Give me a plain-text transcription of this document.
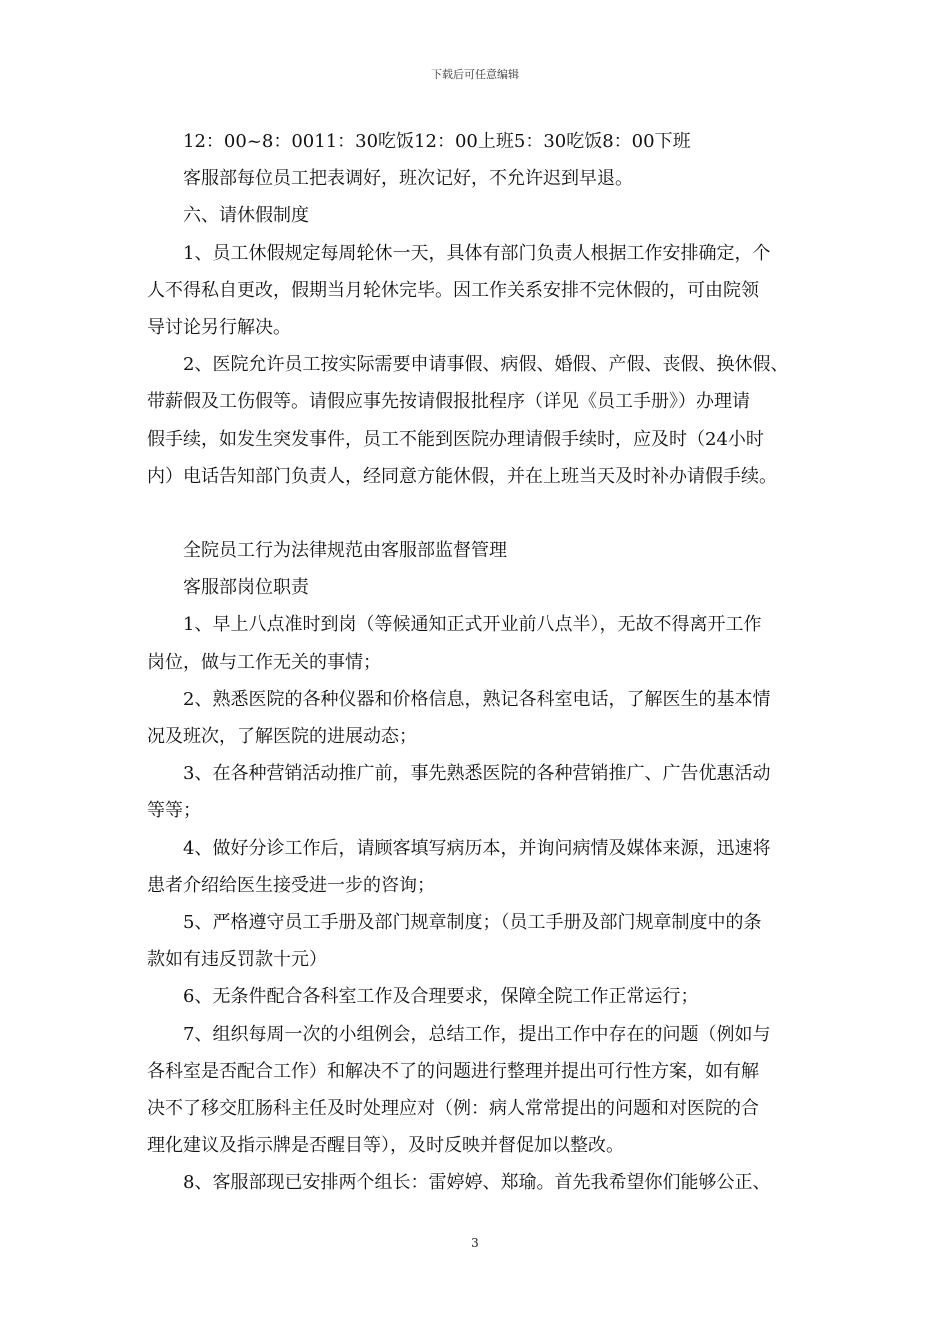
下载后可任意编辑
12：00~8：0011：30吃饭12：00上班5：30吃饭8：00下班
客服部每位员工把表调好，班次记好，不允许迟到早退。
六、请休假制度
1、员工休假规定每周轮休一天，具体有部门负责人根据工作安排确定，个
人不得私自更改，假期当月轮休完毕。因工作关系安排不完休假的，可由院领
导讨论另行解决。
2、医院允许员工按实际需要申请事假、病假、婚假、产假、丧假、换休假、
带薪假及工伤假等。请假应事先按请假报批程序（详见《员工手册》）办理请
假手续，如发生突发事件，员工不能到医院办理请假手续时，应及时（24小时
内）电话告知部门负责人，经同意方能休假，并在上班当天及时补办请假手续。
全院员工行为法律规范由客服部监督管理
客服部岗位职责
1、早上八点准时到岗（等候通知正式开业前八点半），无故不得离开工作
岗位，做与工作无关的事情；
2、熟悉医院的各种仪器和价格信息，熟记各科室电话，了解医生的基本情
况及班次，了解医院的进展动态；
3、在各种营销活动推广前，事先熟悉医院的各种营销推广、广告优惠活动
等等；
4、做好分诊工作后，请顾客填写病历本，并询问病情及媒体来源，迅速将
患者介绍给医生接受进一步的咨询；
5、严格遵守员工手册及部门规章制度；（员工手册及部门规章制度中的条
款如有违反罚款十元）
6、无条件配合各科室工作及合理要求，保障全院工作正常运行；
7、组织每周一次的小组例会，总结工作，提出工作中存在的问题（例如与
各科室是否配合工作）和解决不了的问题进行整理并提出可行性方案，如有解
决不了移交肛肠科主任及时处理应对（例：病人常常提出的问题和对医院的合
理化建议及指示牌是否醒目等），及时反映并督促加以整改。
8、客服部现已安排两个组长：雷婷婷、郑瑜。首先我希望你们能够公正、
3
